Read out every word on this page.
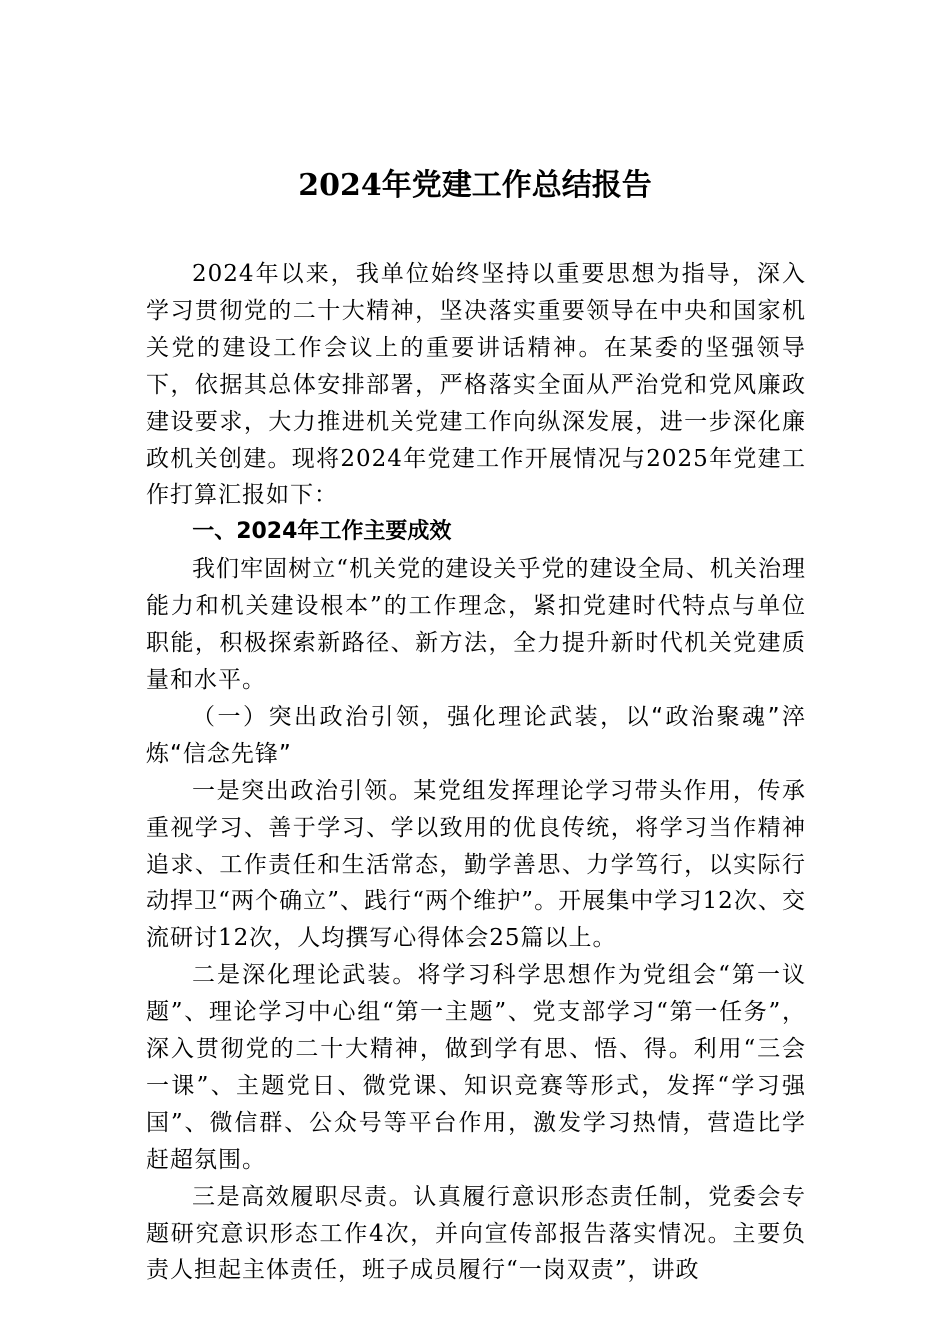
2024年党建工作总结报告

2024年以来，我单位始终坚持以重要思想为指导，深入学习贯彻党的二十大精神，坚决落实重要领导在中央和国家机关党的建设工作会议上的重要讲话精神。在某委的坚强领导下，依据其总体安排部署，严格落实全面从严治党和党风廉政建设要求，大力推进机关党建工作向纵深发展，进一步深化廉政机关创建。现将2024年党建工作开展情况与2025年党建工作打算汇报如下：

一、2024年工作主要成效

我们牢固树立“机关党的建设关乎党的建设全局、机关治理能力和机关建设根本”的工作理念，紧扣党建时代特点与单位职能，积极探索新路径、新方法，全力提升新时代机关党建质量和水平。

（一）突出政治引领，强化理论武装，以“政治聚魂”淬炼“信念先锋”

一是突出政治引领。某党组发挥理论学习带头作用，传承重视学习、善于学习、学以致用的优良传统，将学习当作精神追求、工作责任和生活常态，勤学善思、力学笃行，以实际行动捍卫“两个确立”、践行“两个维护”。开展集中学习12次、交流研讨12次，人均撰写心得体会25篇以上。

二是深化理论武装。将学习科学思想作为党组会“第一议题”、理论学习中心组“第一主题”、党支部学习“第一任务”，深入贯彻党的二十大精神，做到学有思、悟、得。利用“三会一课”、主题党日、微党课、知识竞赛等形式，发挥“学习强国”、微信群、公众号等平台作用，激发学习热情，营造比学赶超氛围。

三是高效履职尽责。认真履行意识形态责任制，党委会专题研究意识形态工作4次，并向宣传部报告落实情况。主要负责人担起主体责任，班子成员履行“一岗双责”，讲政
